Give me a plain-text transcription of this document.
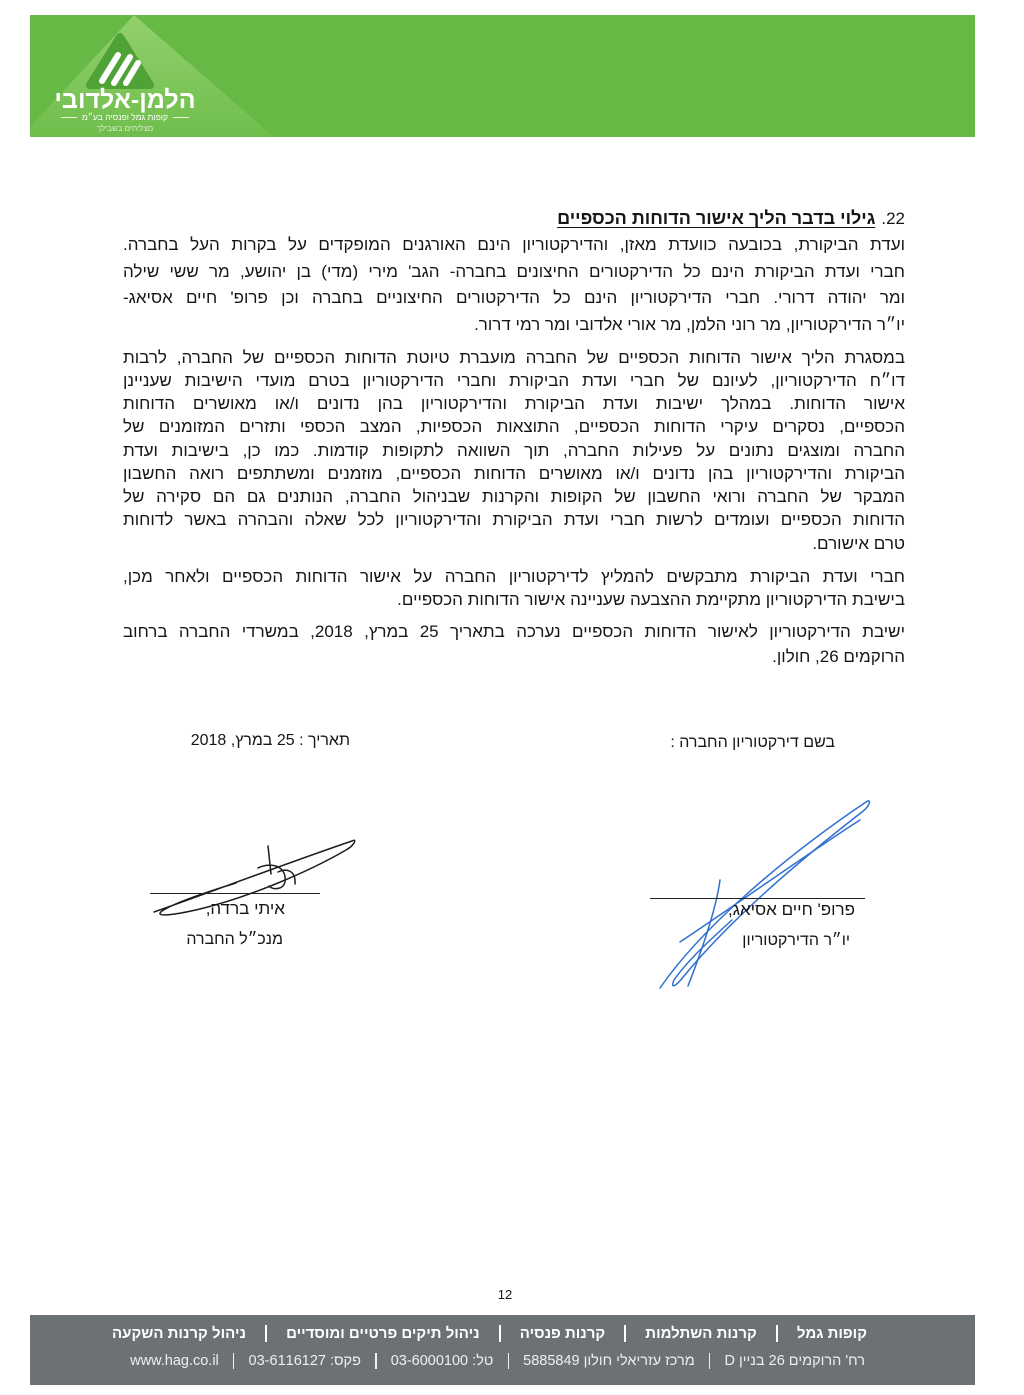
הלמן-אלדובי
קופות גמל ופנסיה בע״מ
מצליחים בשבילך
22.גילוי בדבר הליך אישור הדוחות הכספיים
ועדת הביקורת, בכובעה כוועדת מאזן, והדירקטוריון הינם האורגנים המופקדים על בקרות העל בחברה.
חברי ועדת הביקורת הינם כל הדירקטורים החיצונים בחברה- הגב' מירי (מדי) בן יהושע, מר ששי שילה
ומר יהודה דרורי. חברי הדירקטוריון הינם כל הדירקטורים החיצוניים בחברה וכן פרופ' חיים אסיאג-
יו״ר הדירקטוריון, מר רוני הלמן, מר אורי אלדובי ומר רמי דרור.
במסגרת הליך אישור הדוחות הכספיים של החברה מועברת טיוטת הדוחות הכספיים של החברה, לרבות
דו״ח הדירקטוריון, לעיונם של חברי ועדת הביקורת וחברי הדירקטוריון בטרם מועדי הישיבות שעניינן
אישור הדוחות. במהלך ישיבות ועדת הביקורת והדירקטוריון בהן נדונים ו/או מאושרים הדוחות
הכספיים, נסקרים עיקרי הדוחות הכספיים, התוצאות הכספיות, המצב הכספי ותזרים המזומנים של
החברה ומוצגים נתונים על פעילות החברה, תוך השוואה לתקופות קודמות. כמו כן, בישיבות ועדת
הביקורת והדירקטוריון בהן נדונים ו/או מאושרים הדוחות הכספיים, מוזמנים ומשתתפים רואה החשבון
המבקר של החברה ורואי החשבון של הקופות והקרנות שבניהול החברה, הנותנים גם הם סקירה של
הדוחות הכספיים ועומדים לרשות חברי ועדת הביקורת והדירקטוריון לכל שאלה והבהרה באשר לדוחות
טרם אישורם.
חברי ועדת הביקורת מתבקשים להמליץ לדירקטוריון החברה על אישור הדוחות הכספיים ולאחר מכן,
בישיבת הדירקטוריון מתקיימת ההצבעה שעניינה אישור הדוחות הכספיים.
ישיבת הדירקטוריון לאישור הדוחות הכספיים נערכה בתאריך 25 במרץ, 2018, במשרדי החברה ברחוב
הרוקמים 26, חולון.
בשם דירקטוריון החברה :
תאריך : 25 במרץ, 2018
איתי ברדה,
מנכ״ל החברה
פרופ' חיים אסיאג,
יו״ר הדירקטוריון
12
קופות גמל
קרנות השתלמות
קרנות פנסיה
ניהול תיקים פרטיים ומוסדיים
ניהול קרנות השקעה
רח' הרוקמים 26 בניין D
מרכז עזריאלי חולון 5885849
טל: 03-6000100
פקס: 03-6116127
www.hag.co.il
